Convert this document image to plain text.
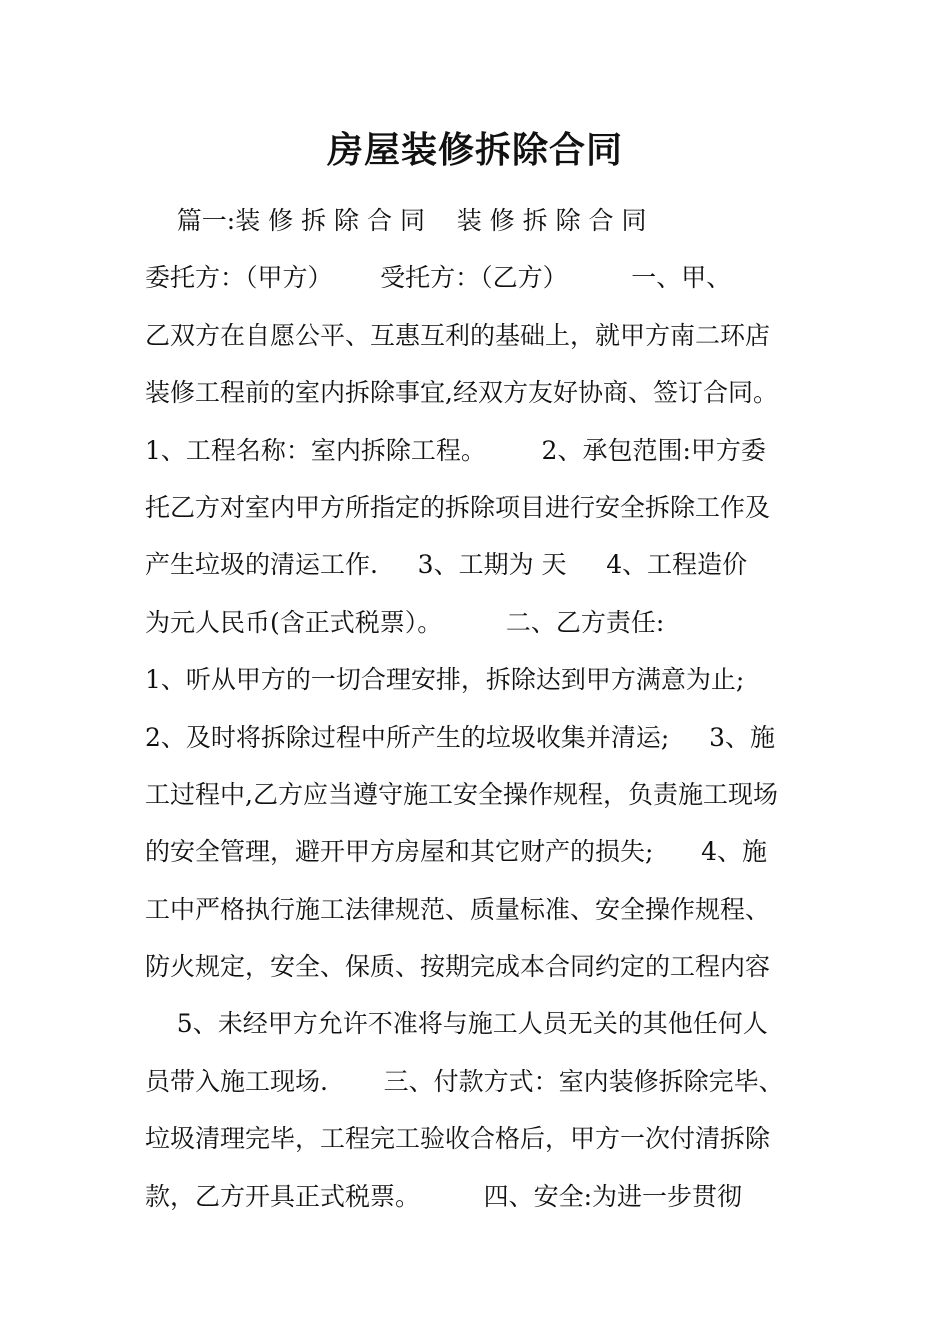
房屋装修拆除合同
篇一:装 修 拆 除 合 同    装 修 拆 除 合 同
委托方：（甲方）      受托方：（乙方）        一、甲、
乙双方在自愿公平、互惠互利的基础上，就甲方南二环店
装修工程前的室内拆除事宜,经双方友好协商、签订合同。
1、工程名称：室内拆除工程。       2、承包范围:甲方委
托乙方对室内甲方所指定的拆除项目进行安全拆除工作及
产生垃圾的清运工作.     3、工期为 天     4、工程造价
为元人民币(含正式税票）。        二、乙方责任:
1、听从甲方的一切合理安排，拆除达到甲方满意为止;
2、及时将拆除过程中所产生的垃圾收集并清运;     3、施
工过程中,乙方应当遵守施工安全操作规程，负责施工现场
的安全管理，避开甲方房屋和其它财产的损失;      4、施
工中严格执行施工法律规范、质量标准、安全操作规程、
防火规定，安全、保质、按期完成本合同约定的工程内容
5、未经甲方允许不准将与施工人员无关的其他任何人
员带入施工现场.       三、付款方式：室内装修拆除完毕、
垃圾清理完毕，工程完工验收合格后，甲方一次付清拆除
款，乙方开具正式税票。        四、安全:为进一步贯彻
